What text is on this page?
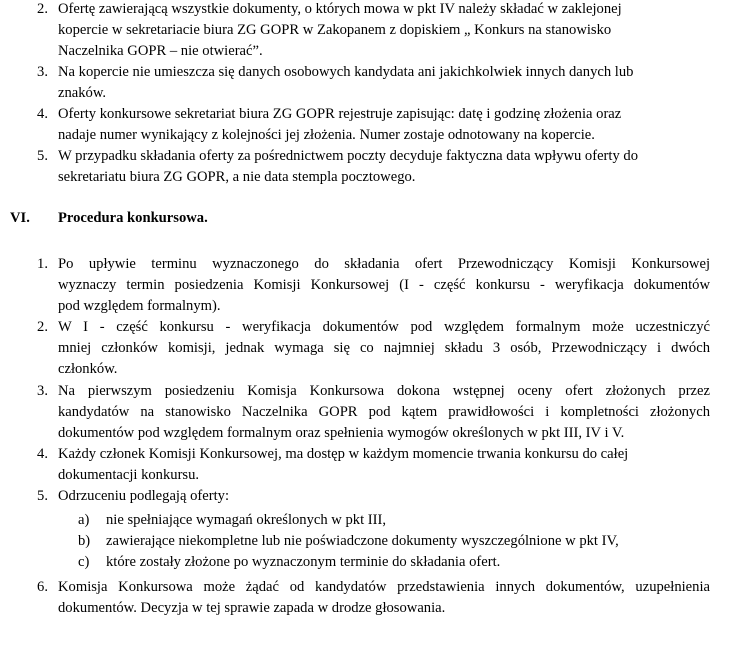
2. Ofertę zawierającą wszystkie dokumenty, o których mowa w pkt IV należy składać w zaklejonej
kopercie w sekretariacie biura ZG GOPR w Zakopanem z dopiskiem „ Konkurs na stanowisko
Naczelnika GOPR – nie otwierać”.
3. Na kopercie nie umieszcza się danych osobowych kandydata ani jakichkolwiek innych danych lub
znaków.
4. Oferty konkursowe sekretariat biura ZG GOPR rejestruje zapisując: datę i godzinę złożenia oraz
nadaje numer wynikający z kolejności jej złożenia. Numer zostaje odnotowany na kopercie.
5. W przypadku składania oferty za pośrednictwem poczty decyduje faktyczna data wpływu oferty do
sekretariatu biura ZG GOPR, a nie data stempla pocztowego.
VI. Procedura konkursowa.
1. Po upływie terminu wyznaczonego do składania ofert Przewodniczący Komisji Konkursowej
wyznaczy termin posiedzenia Komisji Konkursowej (I - część konkursu - weryfikacja dokumentów
pod względem formalnym).
2. W I - część konkursu - weryfikacja dokumentów pod względem formalnym może uczestniczyć
mniej członków komisji, jednak wymaga się co najmniej składu 3 osób, Przewodniczący i dwóch
członków.
3. Na pierwszym posiedzeniu Komisja Konkursowa dokona wstępnej oceny ofert złożonych przez
kandydatów na stanowisko Naczelnika GOPR pod kątem prawidłowości i kompletności złożonych
dokumentów pod względem formalnym oraz spełnienia wymogów określonych w pkt III, IV i V.
4. Każdy członek Komisji Konkursowej, ma dostęp w każdym momencie trwania konkursu do całej
dokumentacji konkursu.
5. Odrzuceniu podlegają oferty:
a) nie spełniające wymagań określonych w pkt III,
b) zawierające niekompletne lub nie poświadczone dokumenty wyszczególnione w pkt IV,
c) które zostały złożone po wyznaczonym terminie do składania ofert.
6. Komisja Konkursowa może żądać od kandydatów przedstawienia innych dokumentów, uzupełnienia
dokumentów. Decyzja w tej sprawie zapada w drodze głosowania.
